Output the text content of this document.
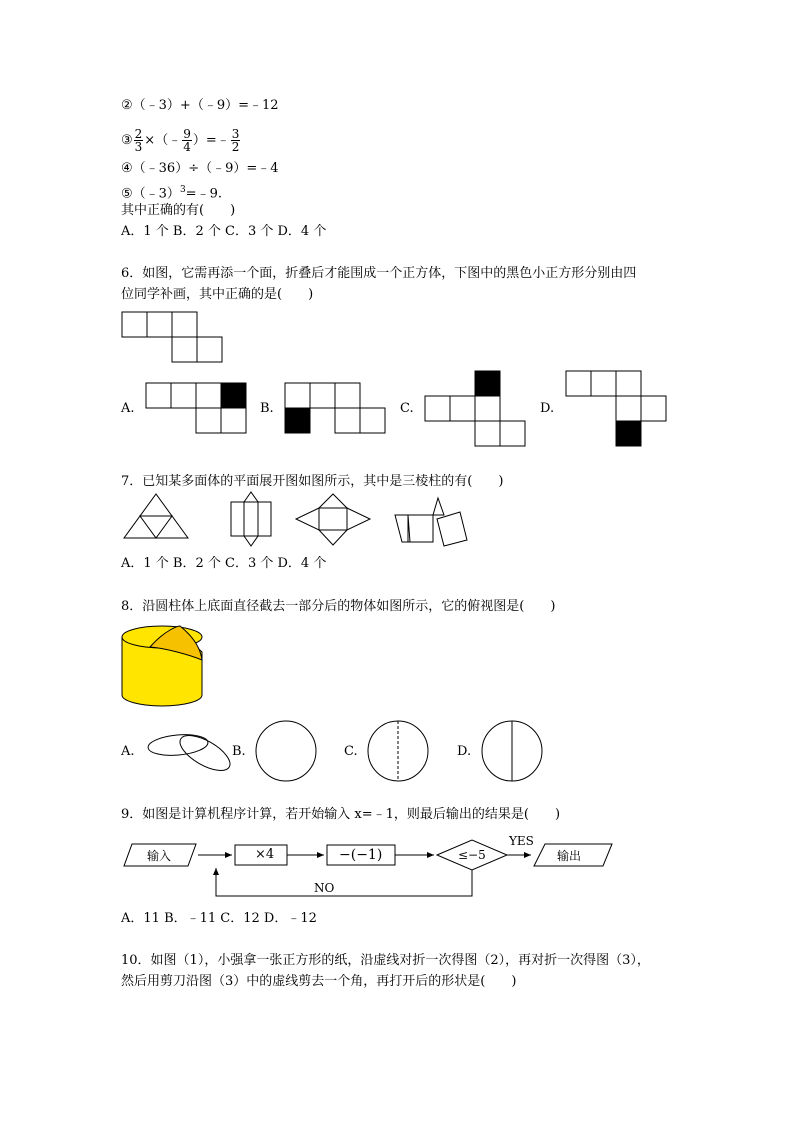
②（﹣3）+（﹣9）=﹣12
③ $\frac{2}{3}$ ×（﹣ $\frac{9}{4}$ ）=﹣ $\frac{3}{2}$
④（﹣36）÷（﹣9）=﹣4
⑤（﹣3）$^3$=﹣9.
其中正确的有(　　)
A．1 个 B．2 个 C．3 个 D．4 个
6．如图，它需再添一个面，折叠后才能围成一个正方体，下图中的黑色小正方形分别由四
位同学补画，其中正确的是(　　)
A.	B.	C.	D.
7．已知某多面体的平面展开图如图所示，其中是三棱柱的有(　　)
A．1 个 B．2 个 C．3 个 D．4 个
8．沿圆柱体上底面直径截去一部分后的物体如图所示，它的俯视图是(　　)
A.	B.	C.	D.
9．如图是计算机程序计算，若开始输入 x=﹣1，则最后输出的结果是(　　)
输入	×4	−(−1)	≤−5
YES
NO
输出
A．11 B．﹣11 C．12 D．﹣12
10．如图（1），小强拿一张正方形的纸，沿虚线对折一次得图（2），再对折一次得图（3），
然后用剪刀沿图（3）中的虚线剪去一个角，再打开后的形状是(　　)
